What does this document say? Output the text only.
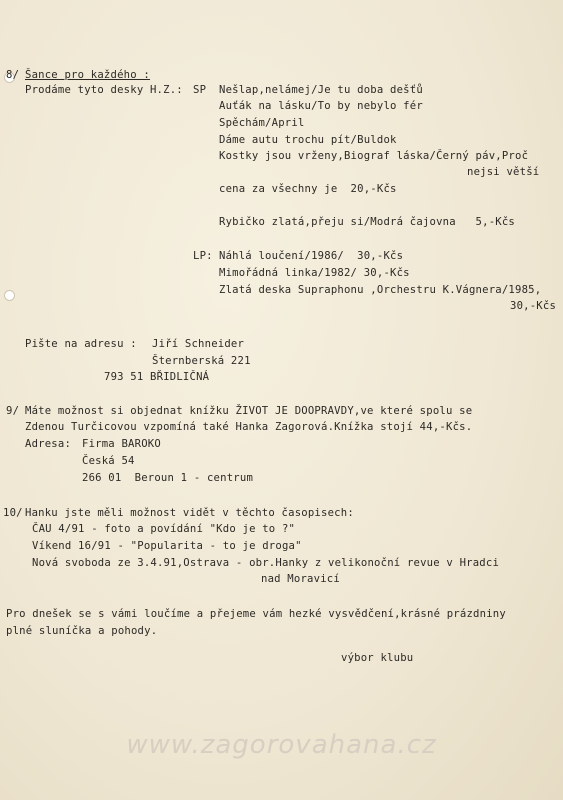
8/ Šance pro každého :
Prodáme tyto desky H.Z.: SP Nešlap,nelámej/Je tu doba dešťů
Auťák na lásku/To by nebylo fér
Spěchám/April
Dáme autu trochu pít/Buldok
Kostky jsou vrženy,Biograf láska/Černý páv,Proč
nejsi větší
cena za všechny je  20,-Kčs
Rybičko zlatá,přeju si/Modrá čajovna   5,-Kčs
LP: Náhlá loučení/1986/  30,-Kčs
Mimořádná linka/1982/ 30,-Kčs
Zlatá deska Supraphonu ,Orchestru K.Vágnera/1985,
30,-Kčs
Pište na adresu : Jiří Schneider
Šternberská 221
793 51 BŘIDLIČNÁ
9/ Máte možnost si objednat knížku ŽIVOT JE DOOPRAVDY,ve které spolu se
Zdenou Turčicovou vzpomíná také Hanka Zagorová.Knížka stojí 44,-Kčs.
Adresa: Firma BAROKO
Česká 54
266 01  Beroun 1 - centrum
10/ Hanku jste měli možnost vidět v těchto časopisech:
ČAU 4/91 - foto a povídání "Kdo je to ?"
Víkend 16/91 - "Popularita - to je droga"
Nová svoboda ze 3.4.91,Ostrava - obr.Hanky z velikonoční revue v Hradci
nad Moravicí
Pro dnešek se s vámi loučíme a přejeme vám hezké vysvědčení,krásné prázdniny
plné sluníčka a pohody.
výbor klubu
www.zagorovahana.cz
